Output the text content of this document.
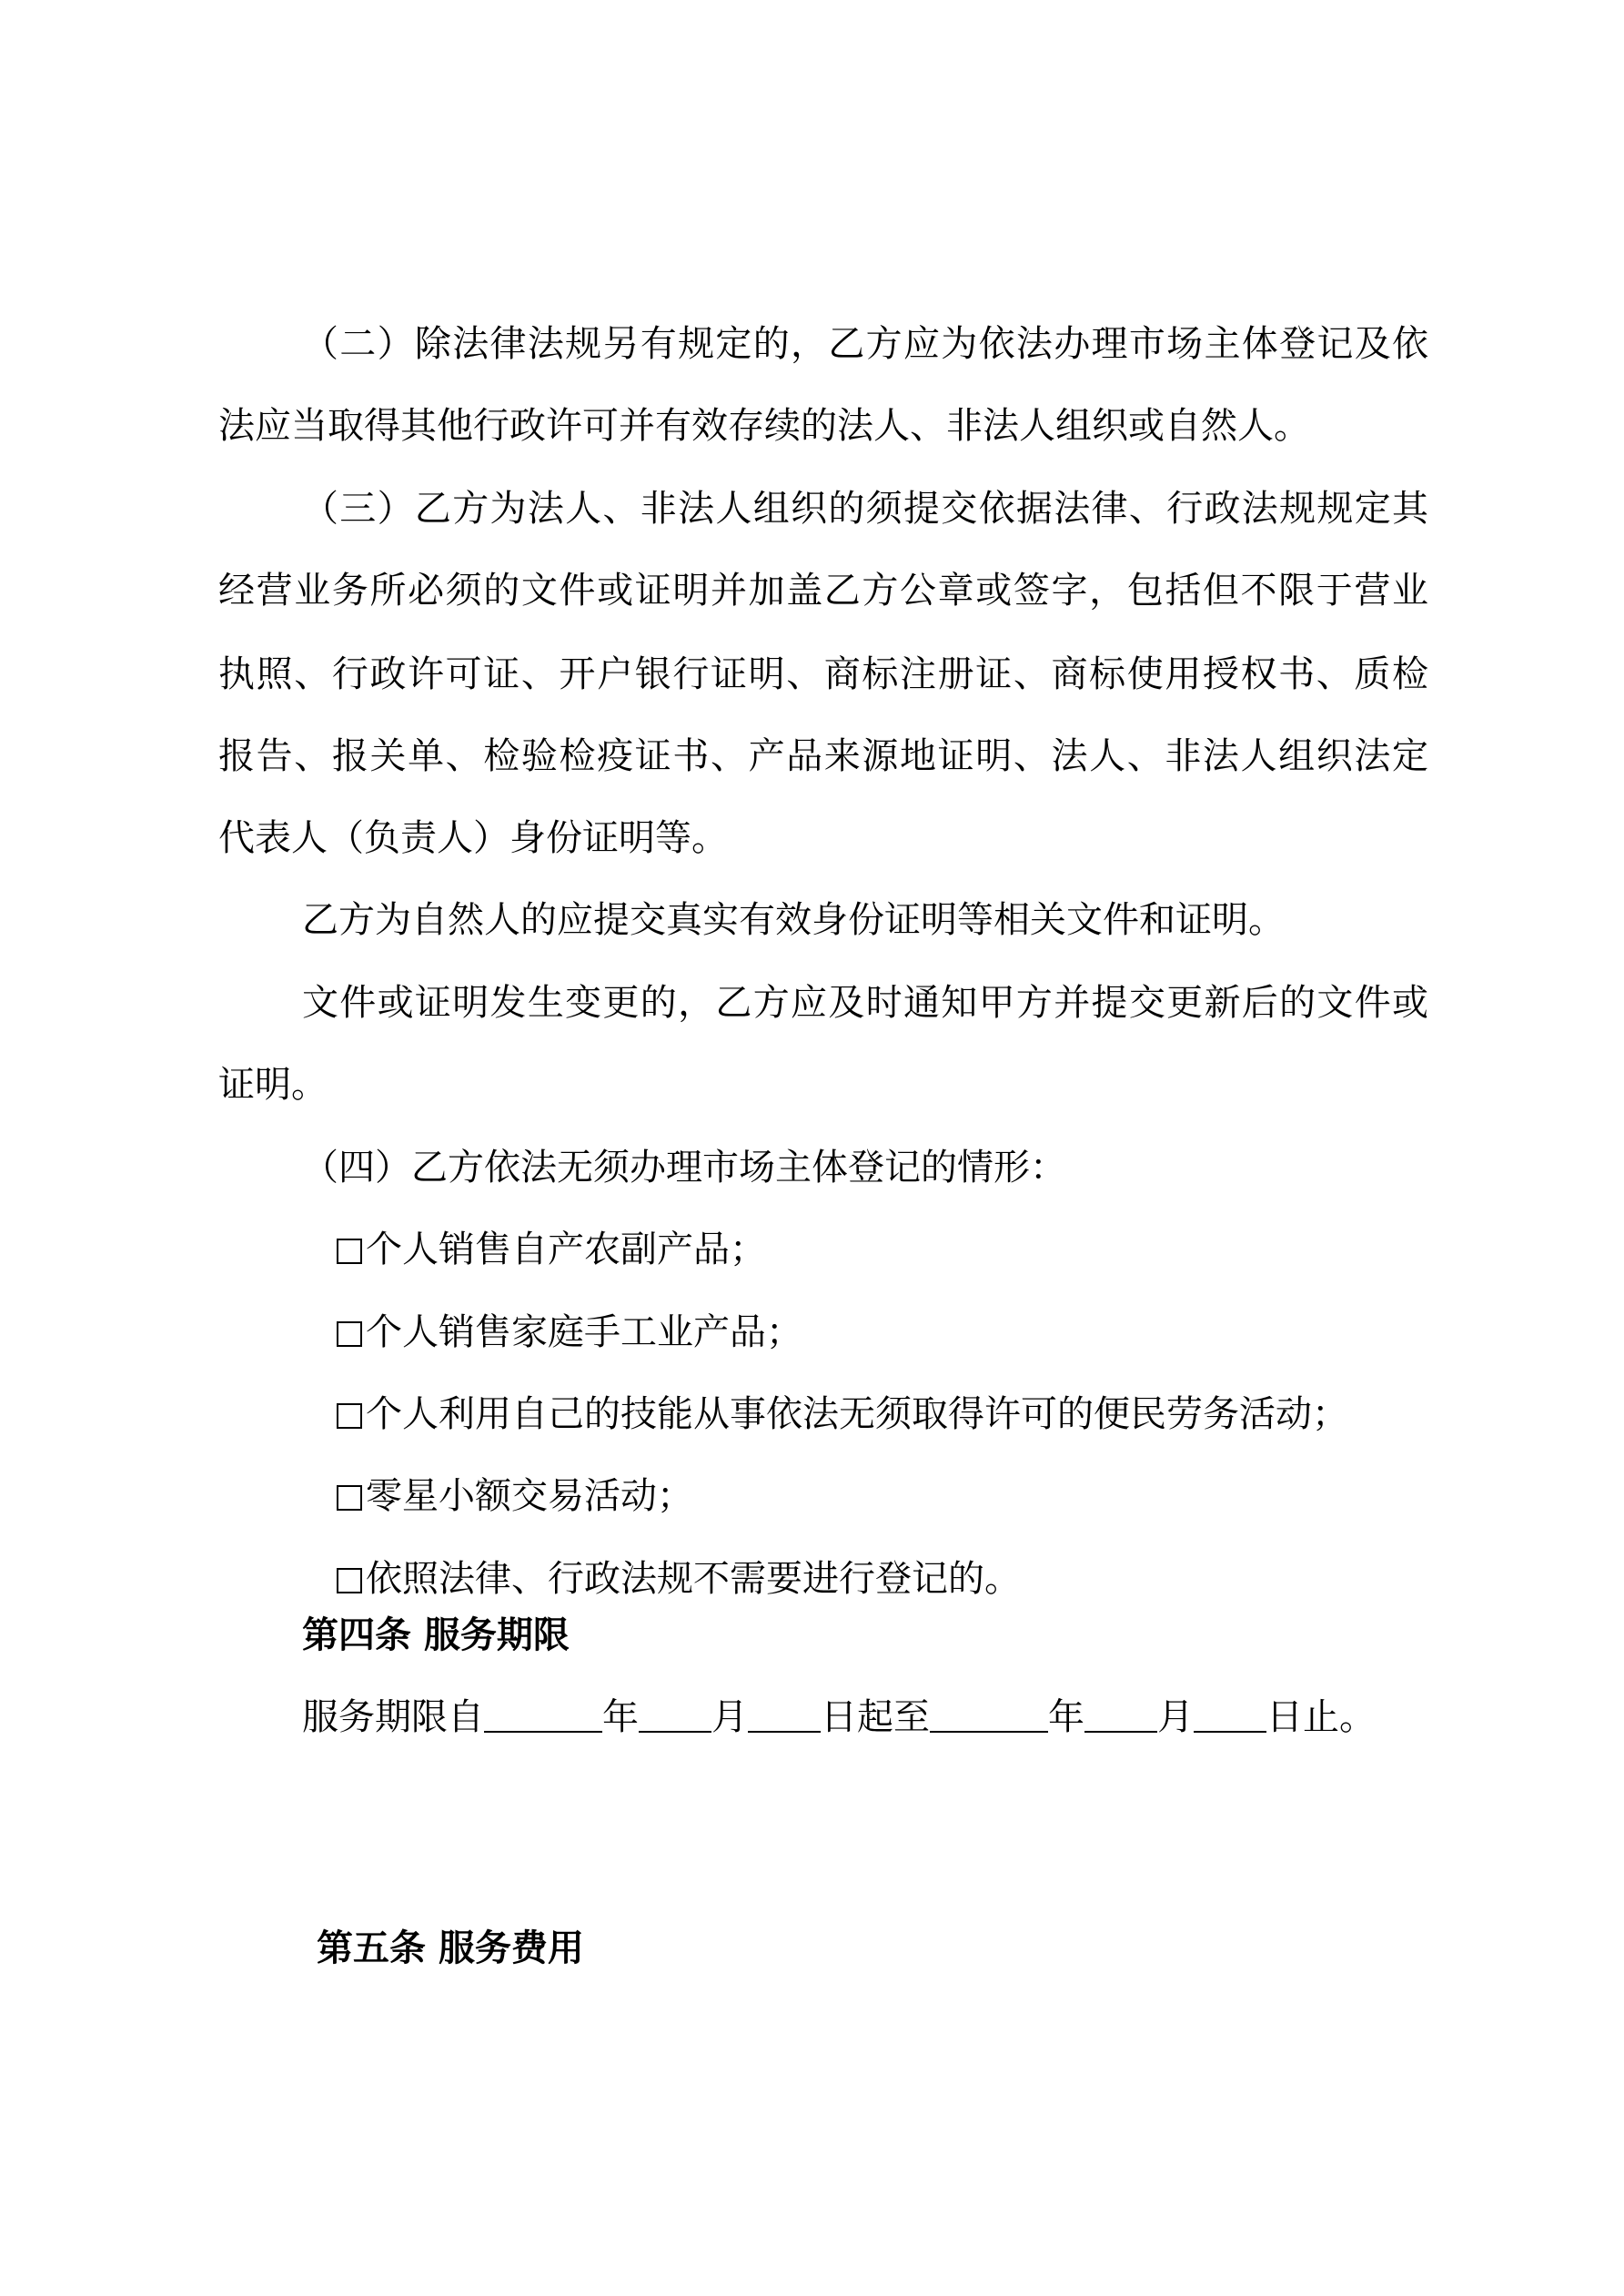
（二）除法律法规另有规定的，乙方应为依法办理市场主体登记及依
法应当取得其他行政许可并有效存续的法人、非法人组织或自然人。
（三）乙方为法人、非法人组织的须提交依据法律、行政法规规定其
经营业务所必须的文件或证明并加盖乙方公章或签字，包括但不限于营业
执照、行政许可证、开户银行证明、商标注册证、商标使用授权书、质检
报告、报关单、检验检疫证书、产品来源地证明、法人、非法人组织法定
代表人（负责人）身份证明等。
乙方为自然人的应提交真实有效身份证明等相关文件和证明。
文件或证明发生变更的，乙方应及时通知甲方并提交更新后的文件或
证明。
（四）乙方依法无须办理市场主体登记的情形：
个人销售自产农副产品；
个人销售家庭手工业产品；
个人利用自己的技能从事依法无须取得许可的便民劳务活动；
零星小额交易活动；
依照法律、行政法规不需要进行登记的。
第四条 服务期限
服务期限自	年 月 日起至	年 月 日止。
第五条 服务费用
